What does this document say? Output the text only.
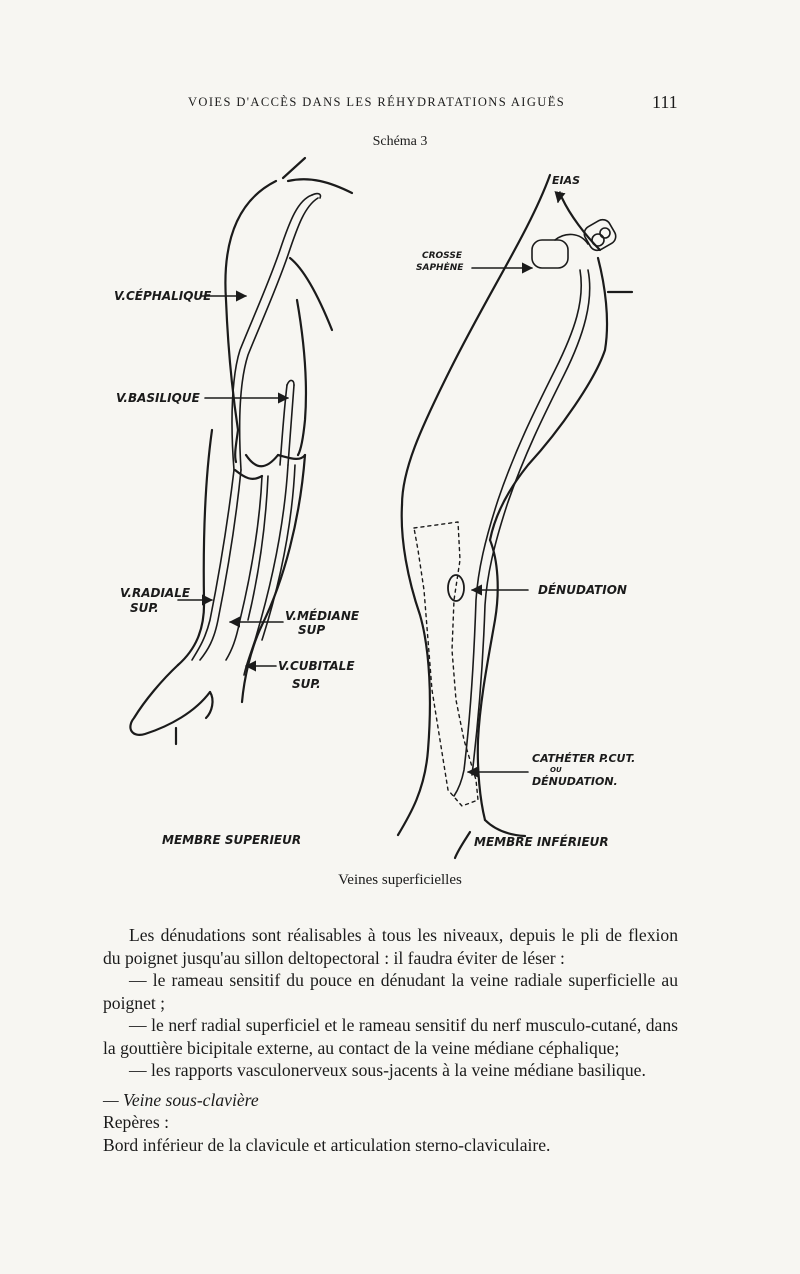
VOIES D'ACCÈS DANS LES RÉHYDRATATIONS AIGUËS	111
Schéma 3
V.CÉPHALIQUE
V.BASILIQUE
V.RADIALE
SUP.
V.MÉDIANE
SUP
V.CUBITALE
SUP.
MEMBRE SUPERIEUR
EIAS
CROSSE
SAPHÈNE
DÉNUDATION
CATHÉTER P.CUT.
OU
DÉNUDATION.
MEMBRE INFÉRIEUR
Veines superficielles

Les dénudations sont réalisables à tous les niveaux, depuis le pli de flexion du poignet jusqu'au sillon deltopectoral : il faudra éviter de léser :

— le rameau sensitif du pouce en dénudant la veine radiale superficielle au poignet ;

— le nerf radial superficiel et le rameau sensitif du nerf musculo-cutané, dans la gouttière bicipitale externe, au contact de la veine médiane céphalique;

— les rapports vasculonerveux sous-jacents à la veine médiane basilique.

— Veine sous-clavière

Repères :

Bord inférieur de la clavicule et articulation sterno-claviculaire.
